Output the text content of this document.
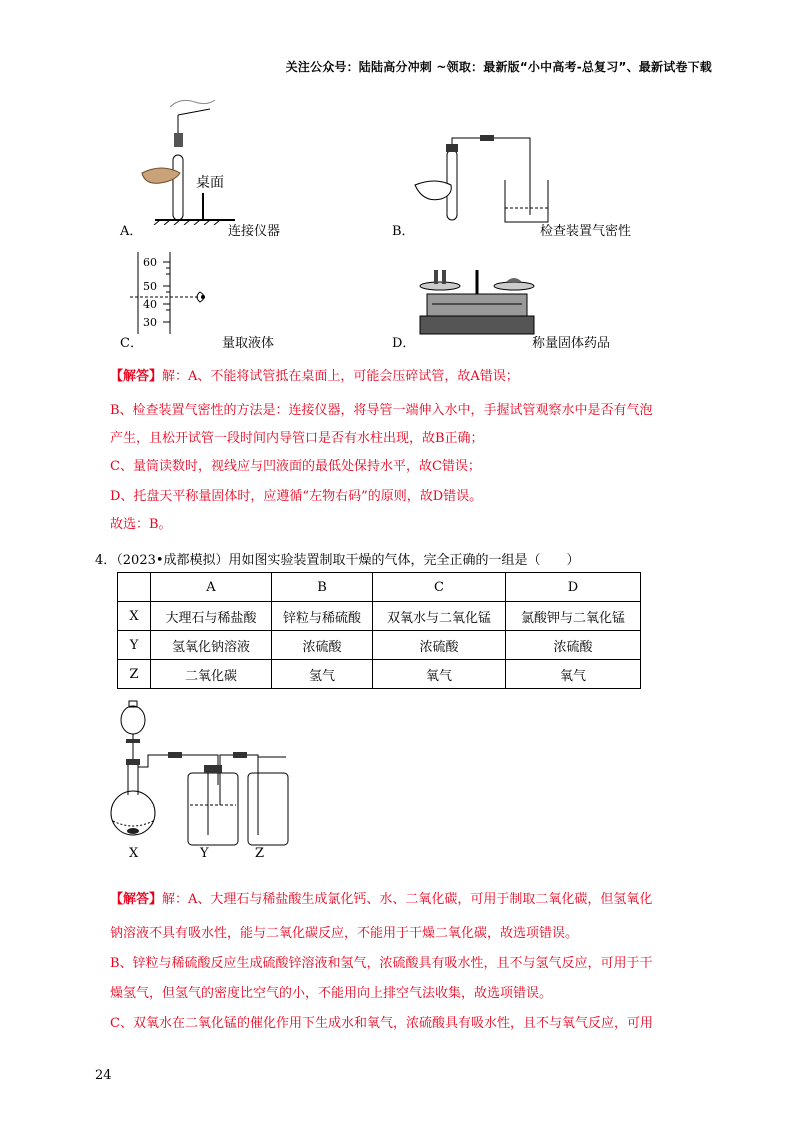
关注公众号：陆陆高分冲刺 ~领取：最新版“小中高考-总复习”、最新试卷下载
A．
桌面
连接仪器	B．	检查装置气密性
60
50
40
30
C．	量取液体	D．	称量固体药品
【解答】解：A、不能将试管抵在桌面上，可能会压碎试管，故A错误；
B、检查装置气密性的方法是：连接仪器，将导管一端伸入水中，手握试管观察水中是否有气泡
产生，且松开试管一段时间内导管口是否有水柱出现，故B正确；
C、量筒读数时，视线应与凹液面的最低处保持水平，故C错误；
D、托盘天平称量固体时，应遵循“左物右码”的原则，故D错误。
故选：B。
4．（2023•成都模拟）用如图实验装置制取干燥的气体，完全正确的一组是（　　）
	A	B	C	D
X	大理石与稀盐酸	锌粒与稀硫酸	双氧水与二氧化锰	氯酸钾与二氧化锰
Y	氢氧化钠溶液	浓硫酸	浓硫酸	浓硫酸
Z	二氧化碳	氢气	氧气	氧气
X	Y	Z
【解答】解：A、大理石与稀盐酸生成氯化钙、水、二氧化碳，可用于制取二氧化碳，但氢氧化
钠溶液不具有吸水性，能与二氧化碳反应，不能用于干燥二氧化碳，故选项错误。
B、锌粒与稀硫酸反应生成硫酸锌溶液和氢气，浓硫酸具有吸水性，且不与氢气反应，可用于干
燥氢气，但氢气的密度比空气的小，不能用向上排空气法收集，故选项错误。
C、双氧水在二氧化锰的催化作用下生成水和氧气，浓硫酸具有吸水性，且不与氧气反应，可用
24
